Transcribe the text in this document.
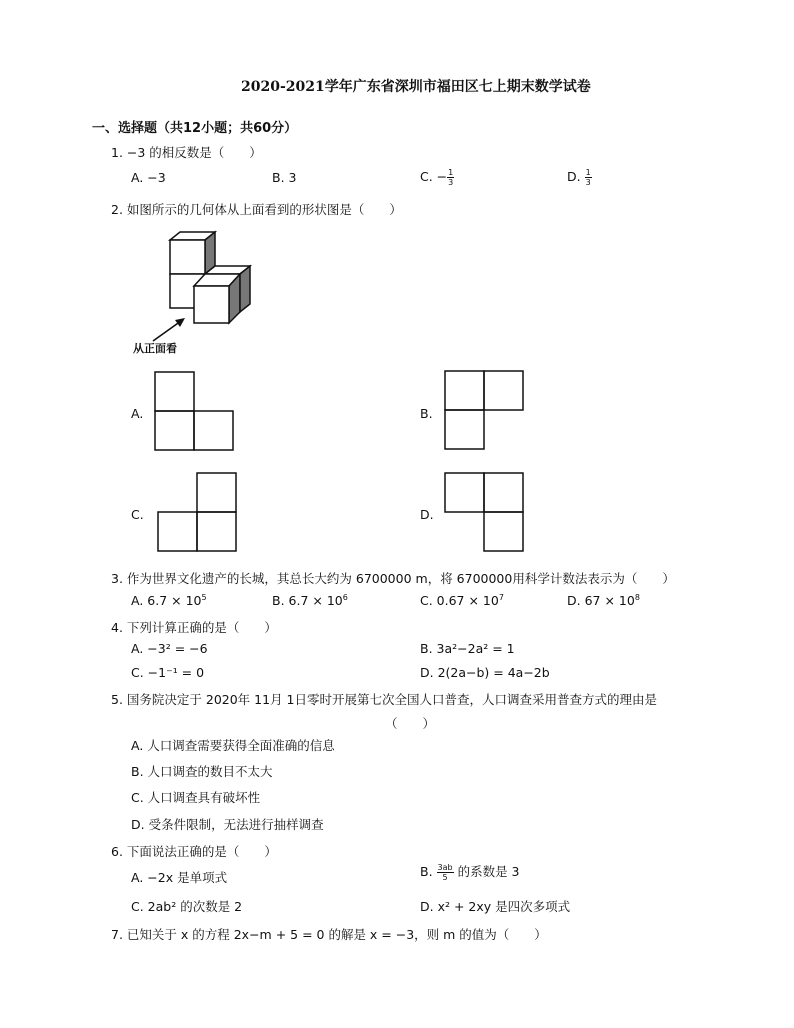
2020-2021学年广东省深圳市福田区七上期末数学试卷
一、选择题（共12小题；共60分）
1. −3 的相反数是（　　）
A. −3	B. 3	C. − $\frac{1}{3}$	D. $\frac{1}{3}$
2. 如图所示的几何体从上面看到的形状图是（　　）
从正面看
A.	B.
C.	D.
3. 作为世界文化遗产的长城，其总长大约为 6700000 m，将 6700000用科学计数法表示为（　　）
A. $6.7 \times 10^5$	B. $6.7 \times 10^6$	C. $0.67 \times 10^7$	D. $67 \times 10^8$
4. 下列计算正确的是（　　）
A. −3² = −6	B. 3a²−2a² = 1
C. −1⁻¹ = 0	D. 2(2a−b) = 4a−2b
5. 国务院决定于 2020年 11月 1日零时开展第七次全国人口普查，人口调查采用普查方式的理由是
（　　）
A. 人口调查需要获得全面准确的信息
B. 人口调查的数目不太大
C. 人口调查具有破坏性
D. 受条件限制，无法进行抽样调查
6. 下面说法正确的是（　　）
A. −2x 是单项式	B. $\frac{3ab}{5}$ 的系数是 3
C. 2ab² 的次数是 2	D. x² + 2xy 是四次多项式
7. 已知关于 x 的方程 2x−m + 5 = 0 的解是 x = −3，则 m 的值为（　　）
